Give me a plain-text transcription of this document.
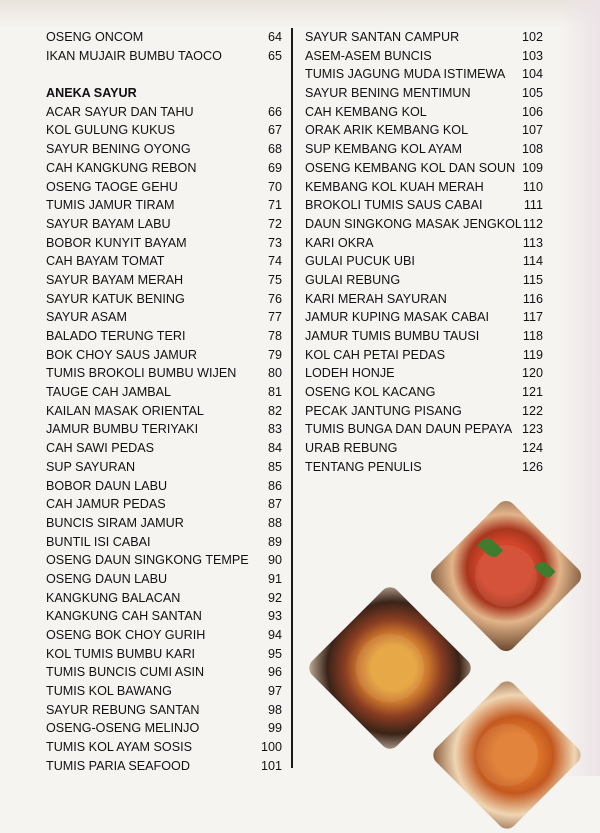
OSENG ONCOM	64
IKAN MUJAIR BUMBU TAOCO	65
ANEKA SAYUR
ACAR SAYUR DAN TAHU	66
KOL GULUNG KUKUS	67
SAYUR BENING OYONG	68
CAH KANGKUNG REBON	69
OSENG TAOGE GEHU	70
TUMIS JAMUR TIRAM	71
SAYUR BAYAM LABU	72
BOBOR KUNYIT BAYAM	73
CAH BAYAM TOMAT	74
SAYUR BAYAM MERAH	75
SAYUR KATUK BENING	76
SAYUR ASAM	77
BALADO TERUNG TERI	78
BOK CHOY SAUS JAMUR	79
TUMIS BROKOLI BUMBU WIJEN	80
TAUGE CAH JAMBAL	81
KAILAN MASAK ORIENTAL	82
JAMUR BUMBU TERIYAKI	83
CAH SAWI PEDAS	84
SUP SAYURAN	85
BOBOR DAUN LABU	86
CAH JAMUR PEDAS	87
BUNCIS SIRAM JAMUR	88
BUNTIL ISI CABAI	89
OSENG DAUN SINGKONG TEMPE 90
OSENG DAUN LABU	91
KANGKUNG BALACAN	92
KANGKUNG CAH SANTAN	93
OSENG BOK CHOY GURIH	94
KOL TUMIS BUMBU KARI	95
TUMIS BUNCIS CUMI ASIN	96
TUMIS KOL BAWANG	97
SAYUR REBUNG SANTAN	98
OSENG-OSENG MELINJO	99
TUMIS KOL AYAM SOSIS	100
TUMIS PARIA SEAFOOD	101
SAYUR SANTAN CAMPUR	102
ASEM-ASEM BUNCIS	103
TUMIS JAGUNG MUDA ISTIMEWA 104
SAYUR BENING MENTIMUN	105
CAH KEMBANG KOL	106
ORAK ARIK KEMBANG KOL	107
SUP KEMBANG KOL AYAM	108
OSENG KEMBANG KOL DAN SOUN 109
KEMBANG KOL KUAH MERAH	110
BROKOLI TUMIS SAUS CABAI	111
DAUN SINGKONG MASAK JENGKOL 112
KARI OKRA	113
GULAI PUCUK UBI	114
GULAI REBUNG	115
KARI MERAH SAYURAN	116
JAMUR KUPING MASAK CABAI	117
JAMUR TUMIS BUMBU TAUSI	118
KOL CAH PETAI PEDAS	119
LODEH HONJE	120
OSENG KOL KACANG	121
PECAK JANTUNG PISANG	122
TUMIS BUNGA DAN DAUN PEPAYA 123
URAB REBUNG	124
TENTANG PENULIS	126
